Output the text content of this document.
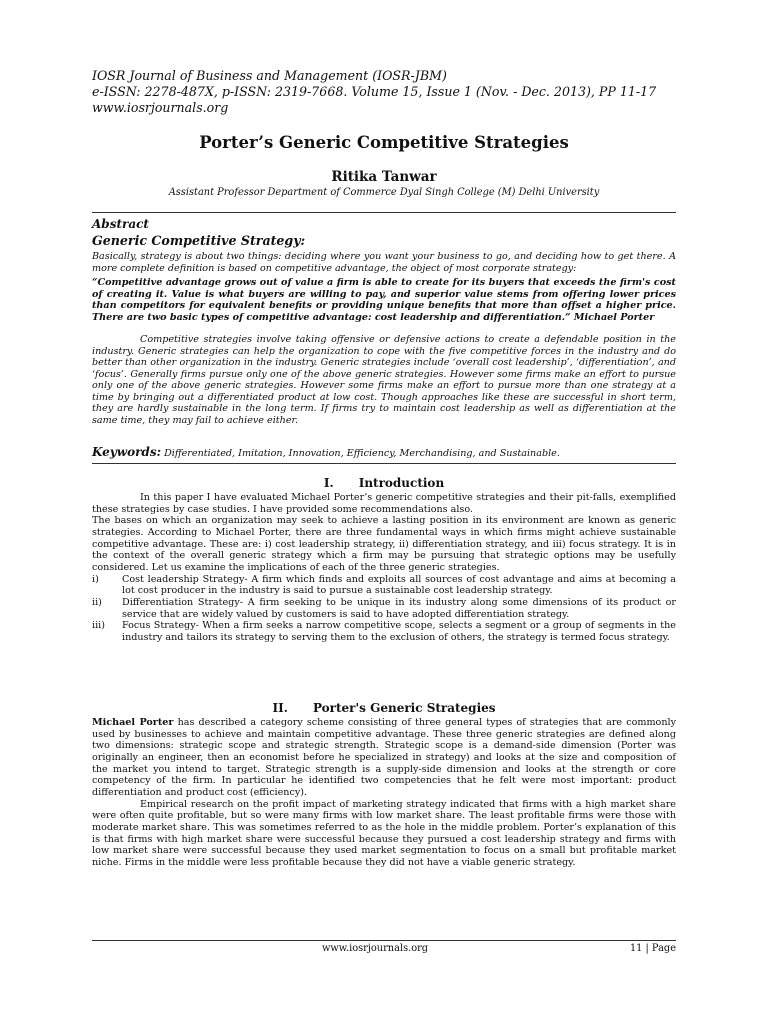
IOSR Journal of Business and Management (IOSR-JBM)
e-ISSN: 2278-487X, p-ISSN: 2319-7668. Volume 15, Issue 1 (Nov. - Dec. 2013), PP 11-17
www.iosrjournals.org
Porter’s Generic Competitive Strategies
Ritika Tanwar
Assistant Professor Department of Commerce Dyal Singh College (M) Delhi University
Abstract
Generic Competitive Strategy:

Basically, strategy is about two things: deciding where you want your business to go, and deciding how to get there. A more complete definition is based on competitive advantage, the object of most corporate strategy:

“Competitive advantage grows out of value a firm is able to create for its buyers that exceeds the firm's cost of creating it. Value is what buyers are willing to pay, and superior value stems from offering lower prices than competitors for equivalent benefits or providing unique benefits that more than offset a higher price. There are two basic types of competitive advantage: cost leadership and differentiation.” Michael Porter

Competitive strategies involve taking offensive or defensive actions to create a defendable position in the industry. Generic strategies can help the organization to cope with the five competitive forces in the industry and do better than other organization in the industry. Generic strategies include ‘overall cost leadership’, ‘differentiation’, and ‘focus’. Generally firms pursue only one of the above generic strategies. However some firms make an effort to pursue only one of the above generic strategies. However some firms make an effort to pursue more than one strategy at a time by bringing out a differentiated product at low cost. Though approaches like these are successful in short term, they are hardly sustainable in the long term. If firms try to maintain cost leadership as well as differentiation at the same time, they may fail to achieve either.

Keywords: Differentiated, Imitation, Innovation, Efficiency, Merchandising, and Sustainable.
I. Introduction

In this paper I have evaluated Michael Porter’s generic competitive strategies and their pit-falls, exemplified these strategies by case studies. I have provided some recommendations also.

The bases on which an organization may seek to achieve a lasting position in its environment are known as generic strategies. According to Michael Porter, there are three fundamental ways in which firms might achieve sustainable competitive advantage. These are: i) cost leadership strategy, ii) differentiation strategy, and iii) focus strategy. It is in the context of the overall generic strategy which a firm may be pursuing that strategic options may be usefully considered. Let us examine the implications of each of the three generic strategies.

i)	Cost leadership Strategy- A firm which finds and exploits all sources of cost advantage and aims at becoming a lot cost producer in the industry is said to pursue a sustainable cost leadership strategy.
ii)	Differentiation Strategy- A firm seeking to be unique in its industry along some dimensions of its product or service that are widely valued by customers is said to have adopted differentiation strategy.
iii)	Focus Strategy- When a firm seeks a narrow competitive scope, selects a segment or a group of segments in the industry and tailors its strategy to serving them to the exclusion of others, the strategy is termed focus strategy.
II. Porter's Generic Strategies

Michael Porter has described a category scheme consisting of three general types of strategies that are commonly used by businesses to achieve and maintain competitive advantage. These three generic strategies are defined along two dimensions: strategic scope and strategic strength. Strategic scope is a demand-side dimension (Porter was originally an engineer, then an economist before he specialized in strategy) and looks at the size and composition of the market you intend to target. Strategic strength is a supply-side dimension and looks at the strength or core competency of the firm. In particular he identified two competencies that he felt were most important: product differentiation and product cost (efficiency).

Empirical research on the profit impact of marketing strategy indicated that firms with a high market share were often quite profitable, but so were many firms with low market share. The least profitable firms were those with moderate market share. This was sometimes referred to as the hole in the middle problem. Porter’s explanation of this is that firms with high market share were successful because they pursued a cost leadership strategy and firms with low market share were successful because they used market segmentation to focus on a small but profitable market niche. Firms in the middle were less profitable because they did not have a viable generic strategy.

www.iosrjournals.org	11 | Page
